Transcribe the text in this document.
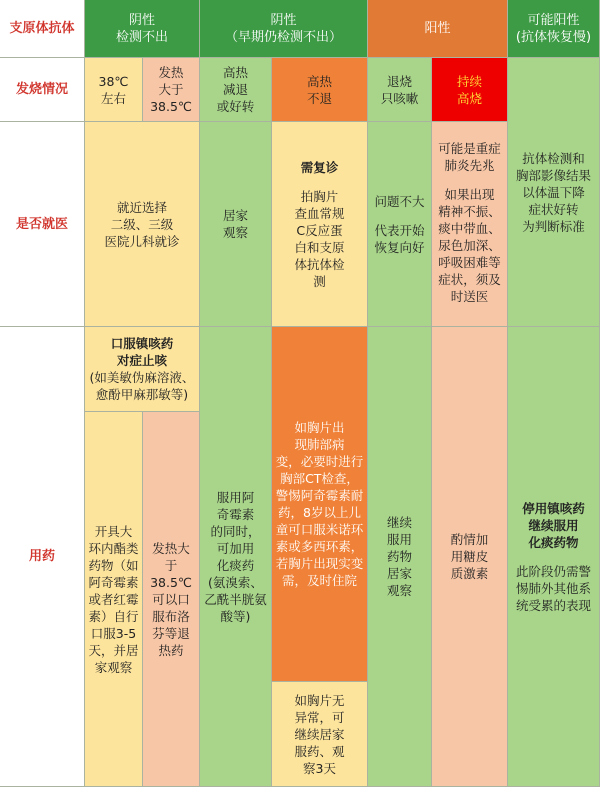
支原体抗体
阴性
检测不出
阴性
（早期仍检测不出）
阳性
可能阳性
(抗体恢复慢)
发烧情况
38℃
左右
发热
大于
38.5℃
高热
减退
或好转
高热
不退
退烧
只咳嗽
持续
高烧
抗体检测和
胸部影像结果
以体温下降
症状好转
为判断标准
是否就医
就近选择
二级、三级
医院儿科就诊
居家
观察
需复诊
拍胸片
查血常规
C反应蛋
白和支原
体抗体检
测
问题不大
代表开始
恢复向好
可能是重症
肺炎先兆
如果出现
精神不振、
痰中带血、
尿色加深、
呼吸困难等
症状，须及
时送医
用药
口服镇咳药
对症止咳
(如美敏伪麻溶液、
愈酚甲麻那敏等)
开具大
环内酯类
药物（如
阿奇霉素
或者红霉
素）自行
口服3-5
天，并居
家观察
发热大
于38.5℃
可以口
服布洛
芬等退
热药
服用阿
奇霉素
的同时，
可加用
化痰药
(氨溴索、
乙酰半胱氨
酸等)
如胸片出
现肺部病
变，必要时进行
胸部CT检查，
警惕阿奇霉素耐
药，8岁以上儿
童可口服米诺环
素或多西环素，
若胸片出现实变
需，及时住院
如胸片无
异常，可
继续居家
服药、观
察3天
继续
服用
药物
居家
观察
酌情加
用糖皮
质激素
停用镇咳药
继续服用
化痰药物
此阶段仍需警
惕肺外其他系
统受累的表现
